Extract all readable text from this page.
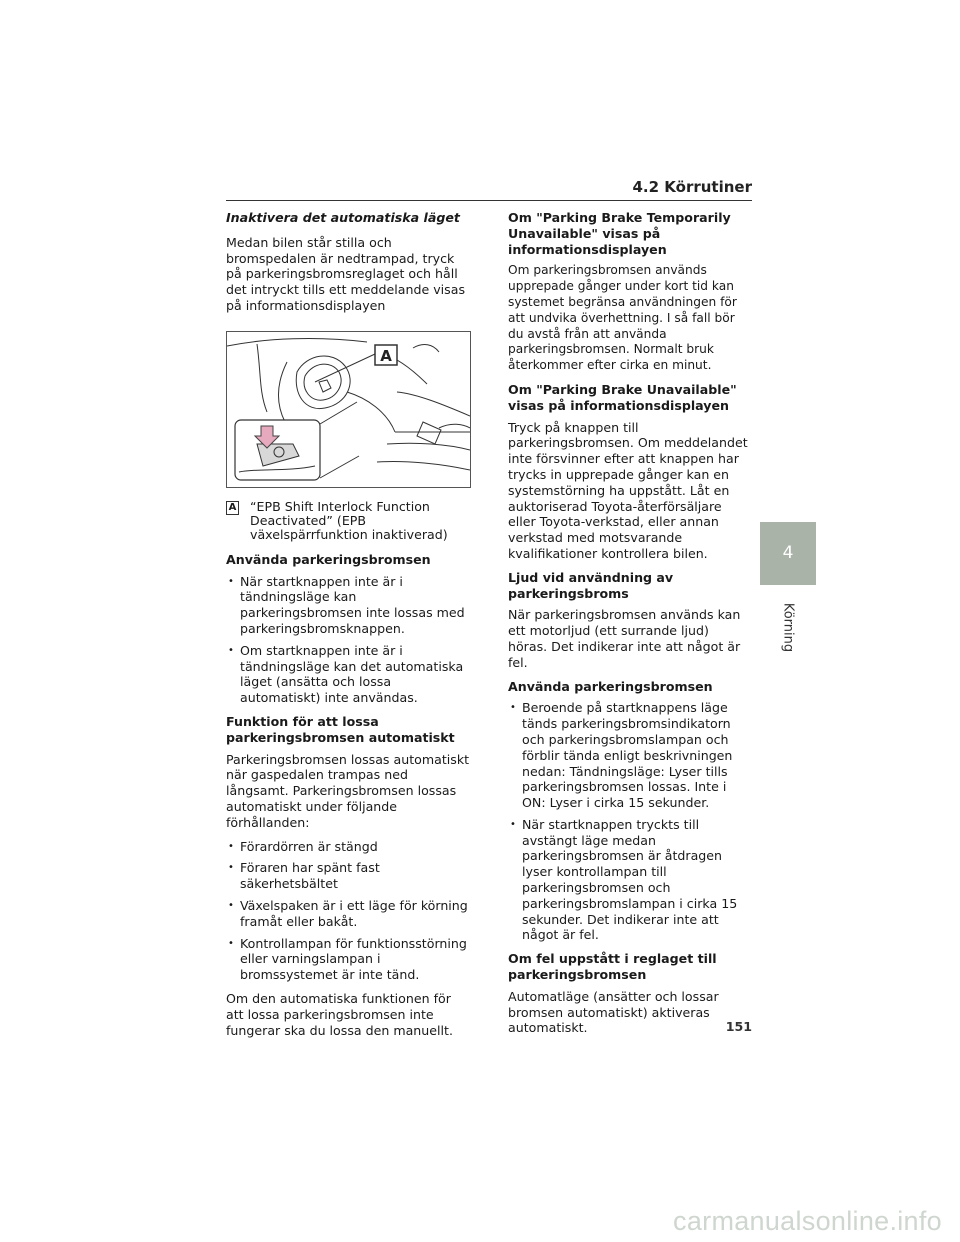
4.2 Körrutiner

Inaktivera det automatiska läget

Medan bilen står stilla och bromspedalen är nedtrampad, tryck på parkeringsbromsreglaget och håll det intryckt tills ett meddelande visas på informationsdisplayen

A
A “EPB Shift Interlock Function Deactivated” (EPB växelspärrfunktion inaktiverad)

Använda parkeringsbromsen

• När startknappen inte är i tändningsläge kan parkeringsbromsen inte lossas med parkeringsbromsknappen.
• Om startknappen inte är i tändningsläge kan det automatiska läget (ansätta och lossa automatiskt) inte användas.

Funktion för att lossa parkeringsbromsen automatiskt

Parkeringsbromsen lossas automatiskt när gaspedalen trampas ned långsamt. Parkeringsbromsen lossas automatiskt under följande förhållanden:

• Förardörren är stängd
• Föraren har spänt fast säkerhetsbältet
• Växelspaken är i ett läge för körning framåt eller bakåt.
• Kontrollampan för funktionsstörning eller varningslampan i bromssystemet är inte tänd.

Om den automatiska funktionen för att lossa parkeringsbromsen inte fungerar ska du lossa den manuellt.

Om "Parking Brake Temporarily Unavailable" visas på informationsdisplayen

Om parkeringsbromsen används upprepade gånger under kort tid kan systemet begränsa användningen för att undvika överhettning. I så fall bör du avstå från att använda parkeringsbromsen. Normalt bruk återkommer efter cirka en minut.

Om "Parking Brake Unavailable" visas på informationsdisplayen

Tryck på knappen till parkeringsbromsen. Om meddelandet inte försvinner efter att knappen har trycks in upprepade gånger kan en systemstörning ha uppstått. Låt en auktoriserad Toyota-återförsäljare eller Toyota-verkstad, eller annan verkstad med motsvarande kvalifikationer kontrollera bilen.

Ljud vid användning av parkeringsbroms

När parkeringsbromsen används kan ett motorljud (ett surrande ljud) höras. Det indikerar inte att något är fel.

Använda parkeringsbromsen

• Beroende på startknappens läge tänds parkeringsbromsindikatorn och parkeringsbromslampan och förblir tända enligt beskrivningen nedan: Tändningsläge: Lyser tills parkeringsbromsen lossas. Inte i ON: Lyser i cirka 15 sekunder.
• När startknappen tryckts till avstängt läge medan parkeringsbromsen är åtdragen lyser kontrollampan till parkeringsbromsen och parkeringsbromslampan i cirka 15 sekunder. Det indikerar inte att något är fel.

Om fel uppstått i reglaget till parkeringsbromsen

Automatläge (ansätter och lossar bromsen automatiskt) aktiveras automatiskt.

4
Körning
151
carmanualsonline.info
